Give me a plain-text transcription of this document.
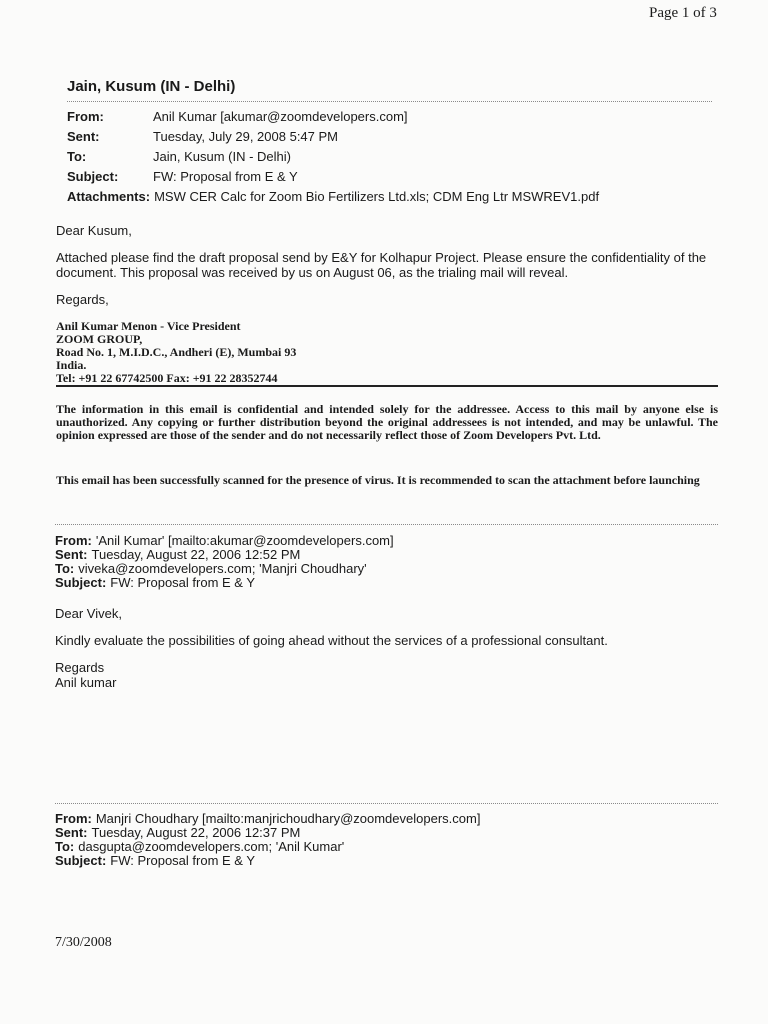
Page 1 of 3
Jain, Kusum (IN - Delhi)
From:	Anil Kumar [akumar@zoomdevelopers.com]
Sent:	Tuesday, July 29, 2008 5:47 PM
To:	Jain, Kusum (IN - Delhi)
Subject:	FW: Proposal from E & Y
Attachments: MSW CER Calc for Zoom Bio Fertilizers Ltd.xls; CDM Eng Ltr MSWREV1.pdf
Dear Kusum,
Attached please find the draft proposal send by E&Y for Kolhapur Project. Please ensure the confidentiality of the document. This proposal was received by us on August 06, as the trialing mail will reveal.
Regards,
Anil Kumar Menon - Vice President
ZOOM GROUP,
Road No. 1, M.I.D.C., Andheri (E), Mumbai 93
India.
Tel: +91 22 67742500 Fax: +91 22 28352744
The information in this email is confidential and intended solely for the addressee. Access to this mail by anyone else is unauthorized. Any copying or further distribution beyond the original addressees is not intended, and may be unlawful. The opinion expressed are those of the sender and do not necessarily reflect those of Zoom Developers Pvt. Ltd.
This email has been successfully scanned for the presence of virus. It is recommended to scan the attachment before launching
From: 'Anil Kumar' [mailto:akumar@zoomdevelopers.com]
Sent: Tuesday, August 22, 2006 12:52 PM
To: viveka@zoomdevelopers.com; 'Manjri Choudhary'
Subject: FW: Proposal from E & Y
Dear Vivek,
Kindly evaluate the possibilities of going ahead without the services of a professional consultant.
Regards
Anil kumar
From: Manjri Choudhary [mailto:manjrichoudhary@zoomdevelopers.com]
Sent: Tuesday, August 22, 2006 12:37 PM
To: dasgupta@zoomdevelopers.com; 'Anil Kumar'
Subject: FW: Proposal from E & Y
7/30/2008
